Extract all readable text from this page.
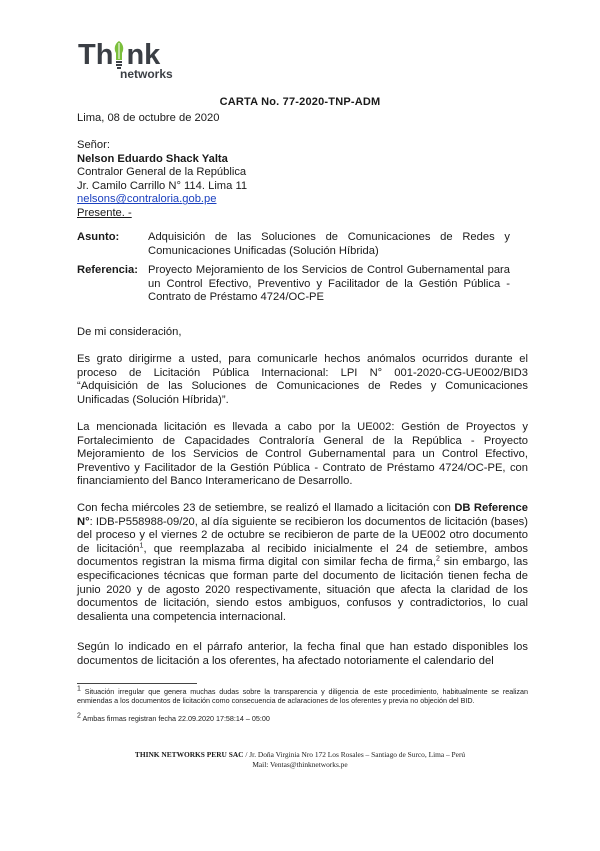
Th nk
networks
CARTA No. 77-2020-TNP-ADM
Lima, 08 de octubre de 2020
Señor:
Nelson Eduardo Shack Yalta
Contralor General de la República
Jr. Camilo Carrillo N° 114. Lima 11
nelsons@contraloria.gob.pe
Presente. -
Asunto:	Adquisición de las Soluciones de Comunicaciones de Redes y Comunicaciones Unificadas (Solución Híbrida)
Referencia: Proyecto Mejoramiento de los Servicios de Control Gubernamental para un Control Efectivo, Preventivo y Facilitador de la Gestión Pública - Contrato de Préstamo 4724/OC-PE
De mi consideración,
Es grato dirigirme a usted, para comunicarle hechos anómalos ocurridos durante el proceso de Licitación Pública Internacional: LPI N° 001-2020-CG-UE002/BID3 “Adquisición de las Soluciones de Comunicaciones de Redes y Comunicaciones Unificadas (Solución Híbrida)”.
La mencionada licitación es llevada a cabo por la UE002: Gestión de Proyectos y Fortalecimiento de Capacidades Contraloría General de la República - Proyecto Mejoramiento de los Servicios de Control Gubernamental para un Control Efectivo, Preventivo y Facilitador de la Gestión Pública - Contrato de Préstamo 4724/OC-PE, con financiamiento del Banco Interamericano de Desarrollo.
Con fecha miércoles 23 de setiembre, se realizó el llamado a licitación con DB Reference N°: IDB-P558988-09/20, al día siguiente se recibieron los documentos de licitación (bases) del proceso y el viernes 2 de octubre se recibieron de parte de la UE002 otro documento de licitación$^1$, que reemplazaba al recibido inicialmente el 24 de setiembre, ambos documentos registran la misma firma digital con similar fecha de firma,$^2$ sin embargo, las especificaciones técnicas que forman parte del documento de licitación tienen fecha de junio 2020 y de agosto 2020 respectivamente, situación que afecta la claridad de los documentos de licitación, siendo estos ambiguos, confusos y contradictorios, lo cual desalienta una competencia internacional.
Según lo indicado en el párrafo anterior, la fecha final que han estado disponibles los documentos de licitación a los oferentes, ha afectado notoriamente el calendario del
$^1$ Situación irregular que genera muchas dudas sobre la transparencia y diligencia de este procedimiento, habitualmente se realizan enmiendas a los documentos de licitación como consecuencia de aclaraciones de los oferentes y previa no objeción del BID.
$^2$ Ambas firmas registran fecha 22.09.2020 17:58:14 – 05:00
THINK NETWORKS PERU SAC / Jr. Doña Virginia Nro 172 Los Rosales – Santiago de Surco, Lima – Perú
Mail: Ventas@thinknetworks.pe
